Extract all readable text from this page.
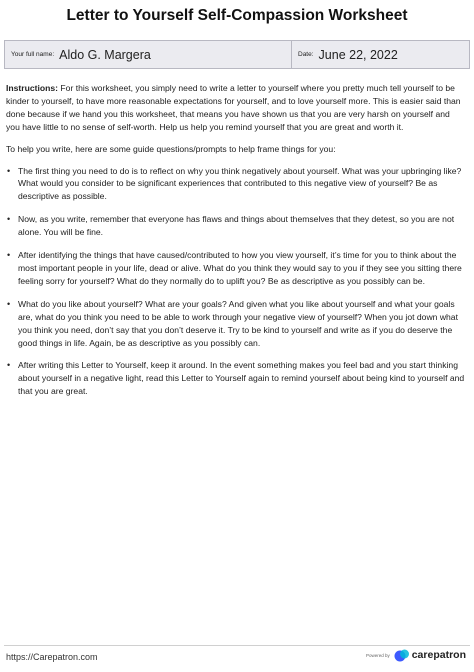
Letter to Yourself Self-Compassion Worksheet
Your full name: Aldo G. Margera	Date: June 22, 2022

Instructions: For this worksheet, you simply need to write a letter to yourself where you pretty much tell yourself to be kinder to yourself, to have more reasonable expectations for yourself, and to love yourself more. This is easier said than done because if we hand you this worksheet, that means you have shown us that you are very harsh on yourself and you have little to no sense of self-worth. Help us help you remind yourself that you are great and worth it.

To help you write, here are some guide questions/prompts to help frame things for you:

• The first thing you need to do is to reflect on why you think negatively about yourself. What was your upbringing like? What would you consider to be significant experiences that contributed to this negative view of yourself? Be as descriptive as possible.
• Now, as you write, remember that everyone has flaws and things about themselves that they detest, so you are not alone. You will be fine.
• After identifying the things that have caused/contributed to how you view yourself, it’s time for you to think about the most important people in your life, dead or alive. What do you think they would say to you if they see you sitting there feeling sorry for yourself? What do they normally do to uplift you? Be as descriptive as you possibly can be.
• What do you like about yourself? What are your goals? And given what you like about yourself and what your goals are, what do you think you need to be able to work through your negative view of yourself? When you jot down what you think you need, don’t say that you don’t deserve it. Try to be kind to yourself and write as if you do deserve the good things in life. Again, be as descriptive as you possibly can.
• After writing this Letter to Yourself, keep it around. In the event something makes you feel bad and you start thinking about yourself in a negative light, read this Letter to Yourself again to remind yourself about being kind to yourself and that you are great.
https://Carepatron.com	Powered by carepatron
